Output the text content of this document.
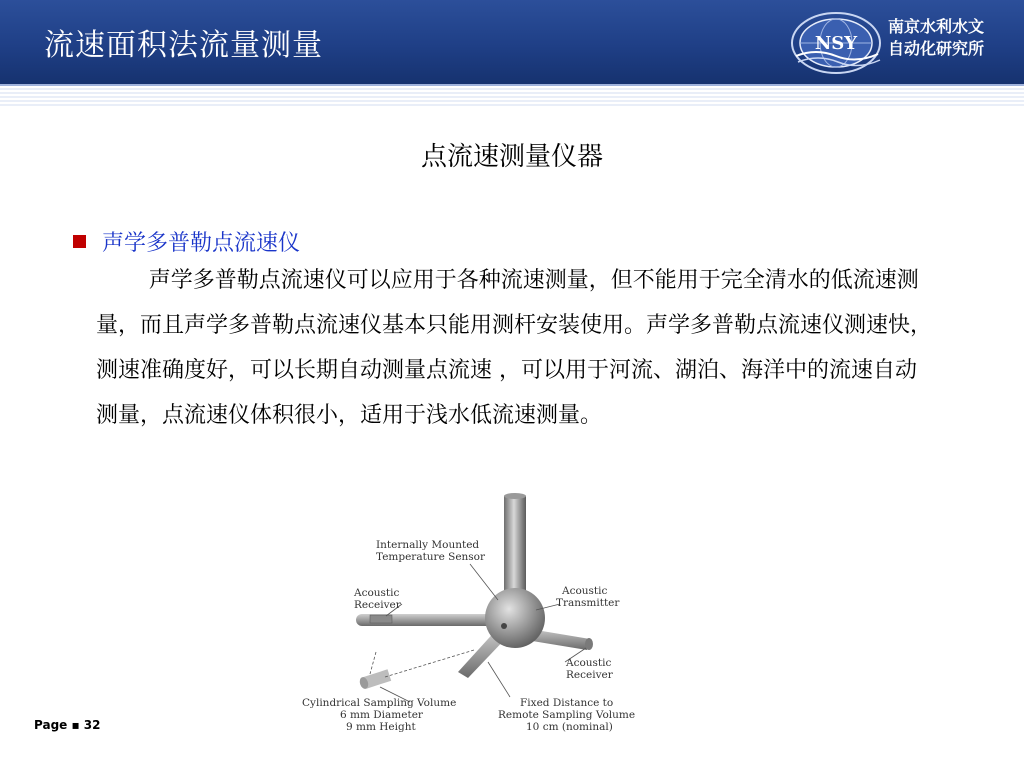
流速面积法流量测量	NSY
南京水利水文
自动化研究所
点流速测量仪器
声学多普勒点流速仪
声学多普勒点流速仪可以应用于各种流速测量，但不能用于完全清水的低流速测量，而且声学多普勒点流速仪基本只能用测杆安装使用。声学多普勒点流速仪测速快，测速准确度好，可以长期自动测量点流速 ，可以用于河流、湖泊、海洋中的流速自动测量，点流速仪体积很小，适用于浅水低流速测量。
Internally Mounted
Temperature Sensor
Acoustic
Receiver
Acoustic
Transmitter
Acoustic
Receiver
Cylindrical Sampling Volume
6 mm Diameter
9 mm Height
Fixed Distance to
Remote Sampling Volume
10 cm (nominal)
Page ▪ 32
